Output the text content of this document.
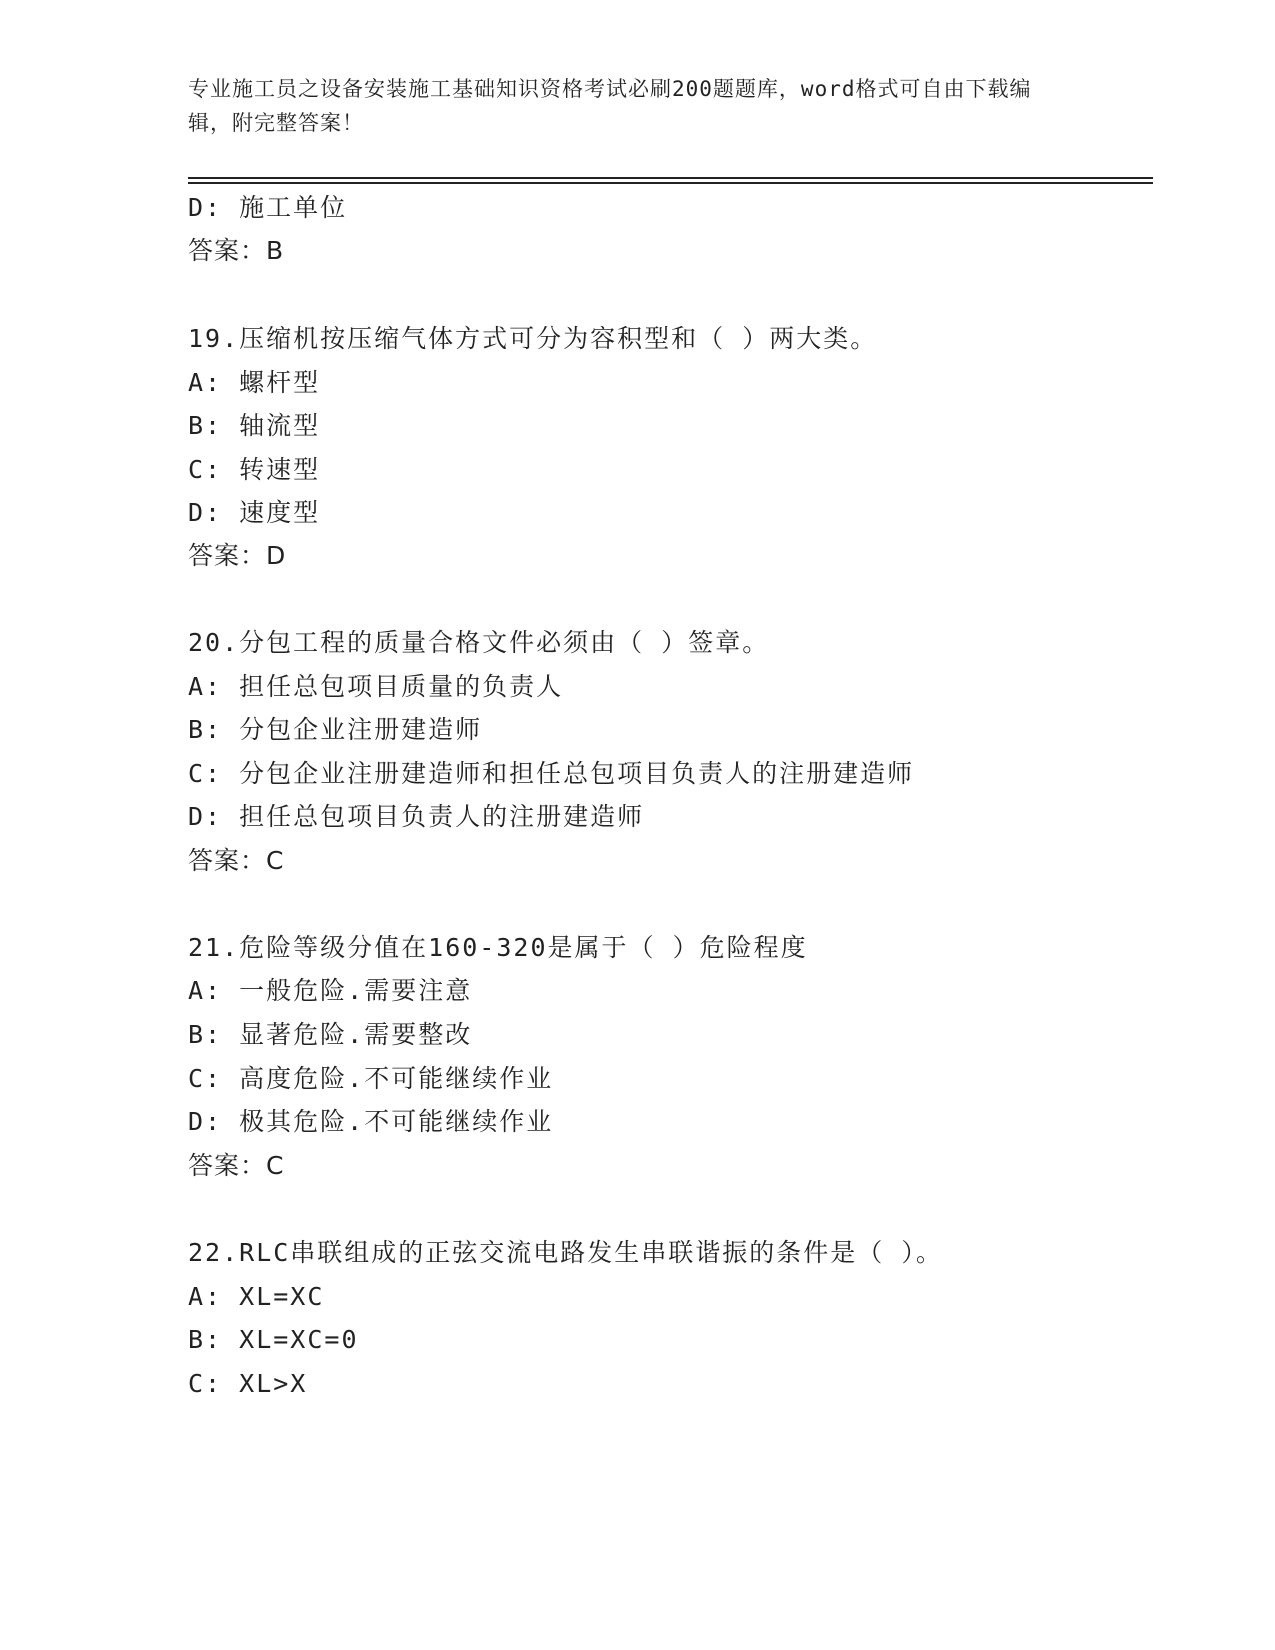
专业施工员之设备安装施工基础知识资格考试必刷200题题库，word格式可自由下载编辑，附完整答案！
D: 施工单位
答案：B
19.压缩机按压缩气体方式可分为容积型和（ ）两大类。
A: 螺杆型
B: 轴流型
C: 转速型
D: 速度型
答案：D
20.分包工程的质量合格文件必须由（ ）签章。
A: 担任总包项目质量的负责人
B: 分包企业注册建造师
C: 分包企业注册建造师和担任总包项目负责人的注册建造师
D: 担任总包项目负责人的注册建造师
答案：C
21.危险等级分值在160-320是属于（ ）危险程度
A: 一般危险.需要注意
B: 显著危险.需要整改
C: 高度危险.不可能继续作业
D: 极其危险.不可能继续作业
答案：C
22.RLC串联组成的正弦交流电路发生串联谐振的条件是（ ）。
A: XL=XC
B: XL=XC=0
C: XL>X
